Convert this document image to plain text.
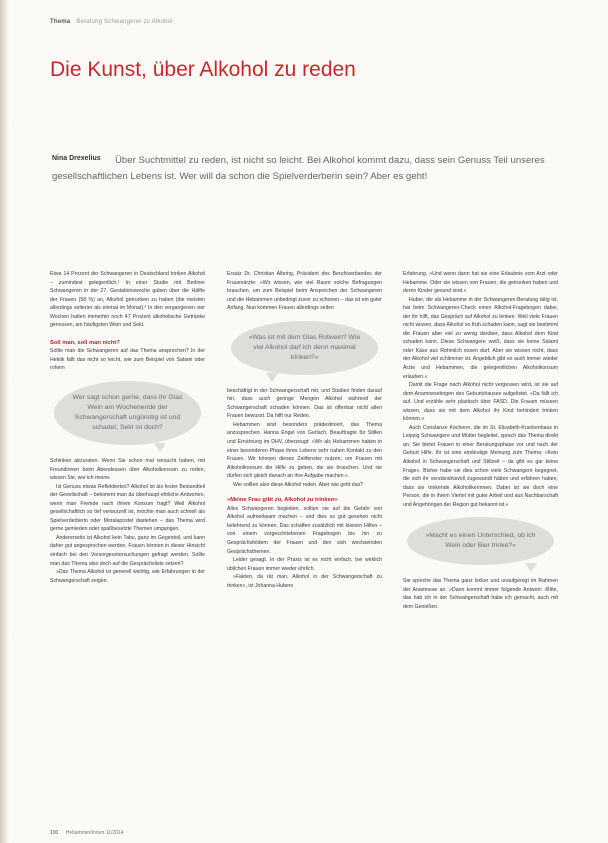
Thema Beratung Schwangerer zu Alkohol
Die Kunst, über Alkohol zu reden
Nina Drexelius	Über Suchtmittel zu reden, ist nicht so leicht. Bei Alkohol kommt dazu, dass sein Genuss Teil unseres gesellschaftlichen Lebens ist. Wer will da schon die Spielverderberin sein? Aber es geht!

Etwa 14 Prozent der Schwangeren in Deutschland trinken Alkohol – zumindest gelegentlich.¹ In einer Studie mit Berliner Schwangeren in der 27. Gestationswoche gaben über die Hälfte der Frauen (58 %) an, Alkohol getrunken zu haben (die meisten allerdings seltener als einmal im Monat).² In den vergangenen vier Wochen hatten immerhin noch 47 Prozent alkoholische Getränke genossen, am häufigsten Wein und Sekt.

Soll man, soll man nicht?

Sollte man die Schwangeren auf das Thema ansprechen? In der Hektik fällt das nicht so leicht, wie zum Beispiel von Salami oder rohem

Wer sagt schon gerne, dass ihr Glas Wein am Wochenende der Schwangerschaft ungünstig ist und schadet, Sekt ist doch?

Schinken abzuraten. Wenn Sie schon mal versucht haben, mit Freundinnen beim Abendessen über Alkoholkonsum zu reden, wissen Sie, wie ich meine.

Ist Genuss etwas Reflektiertes? Alkohol ist als fester Bestandteil der Gesellschaft – bekommt man da überhaupt ehrliche Antworten, wenn man Fremde nach ihrem Konsum fragt? Weil Alkohol gesellschaftlich so tief verwurzelt ist, möchte man auch schnell als Spielverderberin oder Moralapostel dastehen – das Thema wird gerne gemieden oder spaßbesetzte Themen umgangen.

Andererseits ist Alkohol kein Tabu, ganz im Gegenteil, und kann daher gut angesprochen werden. Frauen können in dieser Hinsicht einfach bei den Vorsorgeuntersuchungen gefragt werden. Sollte man das Thema also doch auf die Gesprächsliste setzen?

»Das Thema Alkohol ist generell wichtig, wie Erfahrungen in der Schwangerschaft zeigen.

Ersatz Dr. Christian Albring, Präsident des Berufsverbandes der Frauenärzte: »Wir wissen, wie viel Raum solche Befragungen brauchen, um zum Beispiel beim Ansprechen der Schwangeren und die Hebammen unbedingt zuvor zu schonen – das ist ein guter Anfang. Nun kommen Frauen allerdings selten

»Was ist mit dem Glas Rotwein? Wie viel Alkohol darf ich denn maximal trinken?«

beschäftigt in der Schwangerschaft mit, und Studien finden darauf hin, dass auch geringe Mengen Alkohol während der Schwangerschaft schaden können. Das ist offenbar nicht allen Frauen bewusst. Da hilft nur Reden.

Hebammen sind besonders prädestiniert, das Thema anzusprechen. Hanna Engel von Gerlach, Beauftragte für Stillen und Ernährung im DHV, überzeugt: »Wir als Hebammen haben in einer besonderen Phase ihres Lebens sehr nahen Kontakt zu den Frauen. Wir können dieses Zeitfenster nutzen, um Frauen mit Alkoholkonsum die Hilfe zu geben, die sie brauchen. Und sie dürfen sich gleich danach an ihre Aufgabe machen.«

Wie sollten also diese Alkohol reden. Aber wie geht das?

»Meine Frau gibt zu, Alkohol zu trinken«

Alles Schwangeren begleiten, sollten sie auf die Gefahr von Alkohol aufmerksam machen – und dies so gut gesehen nicht belehrend zu können. Das schaffen zusätzlich mit kleinen Hilfen – von einem vorgeschriebenen Fragebogen bis hin zu Gesprächsfeldern der Frauen und den sich wechselnden Gesprächsthemen.

Leider gesagt. In der Praxis ist es nicht einfach, bei wirklich üblichen Frauen immer wieder ehrlich.

»Fakten, da rät man, Alkohol in der Schwangerschaft zu trinken«, ist Johanna Hubers

Erfahrung. »Und wenn dann hat sie eine Erlaubnis vom Arzt oder Hebamme. Oder sie wissen von Frauen, die getrunken haben und deren Kinder gesund sind.«

Huber, die als Hebamme in der Schwangeren-Beratung tätig ist, hat beim Schwangeren-Check einen Alkohol-Fragebogen dabei, der ihr hilft, das Gespräch auf Alkohol zu lenken. Weil viele Frauen nicht wissen, dass Alkohol so früh schaden kann, sagt sie bestimmt die Frauen aber viel zu wenig darüber, dass Alkohol dem Kind schaden kann. Diese Schwangere weiß, dass sie keine Salami oder Käse aus Rohmilch essen darf. Aber sie wissen nicht, dass der Alkohol viel schlimmer ist. Angeblich gibt es auch immer wieder Ärzte und Hebammen, die gelegentlichen Alkoholkonsum erlauben.«

Damit die Frage nach Alkohol nicht vergessen wird, ist sie auf dem Anamnesebogen des Geburtshauses aufgelistet. »Da fällt ich auf. Und erzähle sehr plastisch über FASD. Die Frauen müssen wissen, dass sie mit dem Alkohol ihr Kind behindert trinken können.«

Auch Constanze Kocherer, die im St. Elisabeth-Krankenhaus in Leipzig Schwangere und Mütter begleitet, sprach das Thema direkt an. Sie bietet Frauen in einer Beratungsphase vor und nach der Geburt Hilfe. Ihr ist eine eindeutige Meinung zum Thema: »Kein Alkohol in Schwangerschaft und Stillzeit – da gibt es gar keine Frage«. Bisher habe sie dies schon viele Schwangere begegnet, die sich ihr verständnisvoll zugewandt hätten und erfahren haben, dass sie trinkende Alkoholikerinnen. Dabei ist sie doch eine Person, die in ihrem Viertel mit guter Arbeit und aus Nachbarschaft und Angehörigen der Region gut bekannt ist.«

»Macht es einen Unterschied, ob ich Wein oder Bier trinke?«

Sie spreche das Thema ganz locker und unaufgeregt im Rahmen der Anamnese an. »Dann kommt immer folgende Antwort: ›Bitte, das hab ich in der Schwangerschaft habe ich gemacht, auch mit dem Genießen.

100 Hebammenforum 11/2014
